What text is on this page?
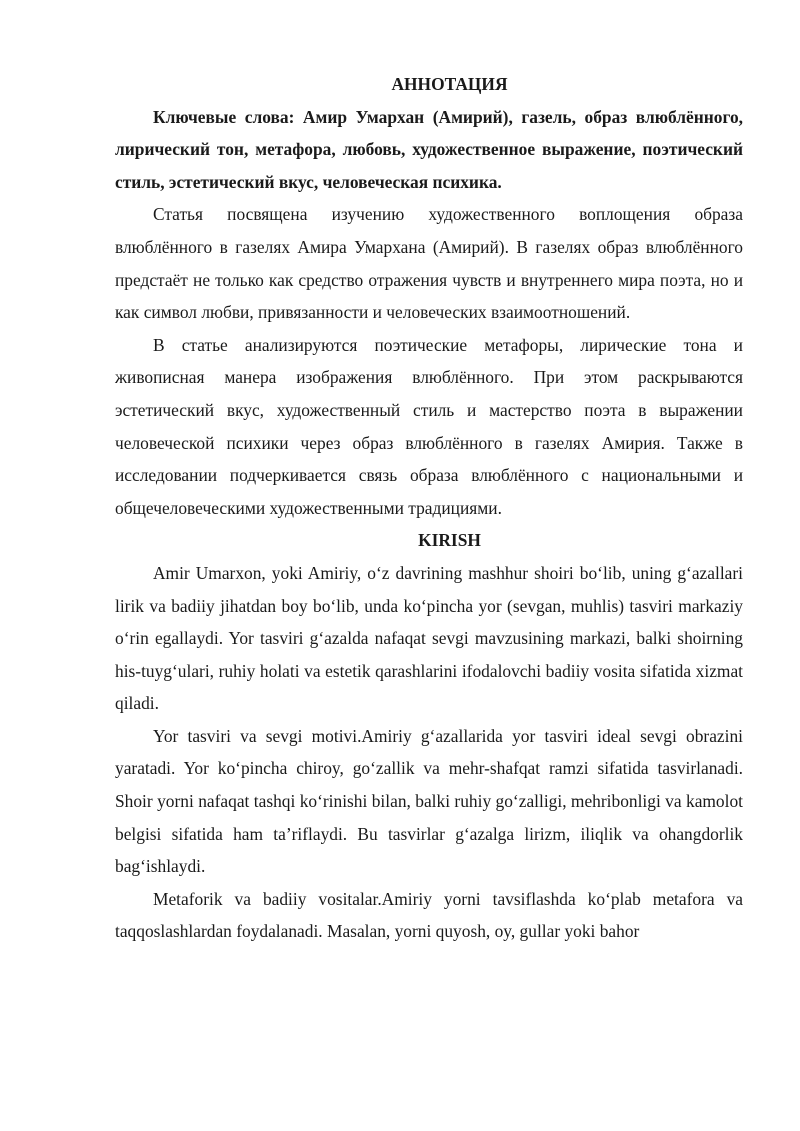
АННОТАЦИЯ

Ключевые слова: Амир Умархан (Амирий), газель, образ влюблённого, лирический тон, метафора, любовь, художественное выражение, поэтический стиль, эстетический вкус, человеческая психика.

Статья посвящена изучению художественного воплощения образа влюблённого в газелях Амира Умархана (Амирий). В газелях образ влюблённого предстаёт не только как средство отражения чувств и внутреннего мира поэта, но и как символ любви, привязанности и человеческих взаимоотношений.

В статье анализируются поэтические метафоры, лирические тона и живописная манера изображения влюблённого. При этом раскрываются эстетический вкус, художественный стиль и мастерство поэта в выражении человеческой психики через образ влюблённого в газелях Амирия. Также в исследовании подчеркивается связь образа влюблённого с национальными и общечеловеческими художественными традициями.

KIRISH

Amir Umarxon, yoki Amiriy, oʻz davrining mashhur shoiri boʻlib, uning gʻazallari lirik va badiiy jihatdan boy boʻlib, unda koʻpincha yor (sevgan, muhlis) tasviri markaziy oʻrin egallaydi. Yor tasviri gʻazalda nafaqat sevgi mavzusining markazi, balki shoirning his-tuygʻulari, ruhiy holati va estetik qarashlarini ifodalovchi badiiy vosita sifatida xizmat qiladi.

Yor tasviri va sevgi motivi.Amiriy gʻazallarida yor tasviri ideal sevgi obrazini yaratadi. Yor koʻpincha chiroy, goʻzallik va mehr-shafqat ramzi sifatida tasvirlanadi. Shoir yorni nafaqat tashqi koʻrinishi bilan, balki ruhiy goʻzalligi, mehribonligi va kamolot belgisi sifatida ham taʼriflaydi. Bu tasvirlar gʻazalga lirizm, iliqlik va ohangdorlik bagʻishlaydi.

Metaforik va badiiy vositalar.Amiriy yorni tavsiflashda koʻplab metafora va taqqoslashlardan foydalanadi. Masalan, yorni quyosh, oy, gullar yoki bahor
